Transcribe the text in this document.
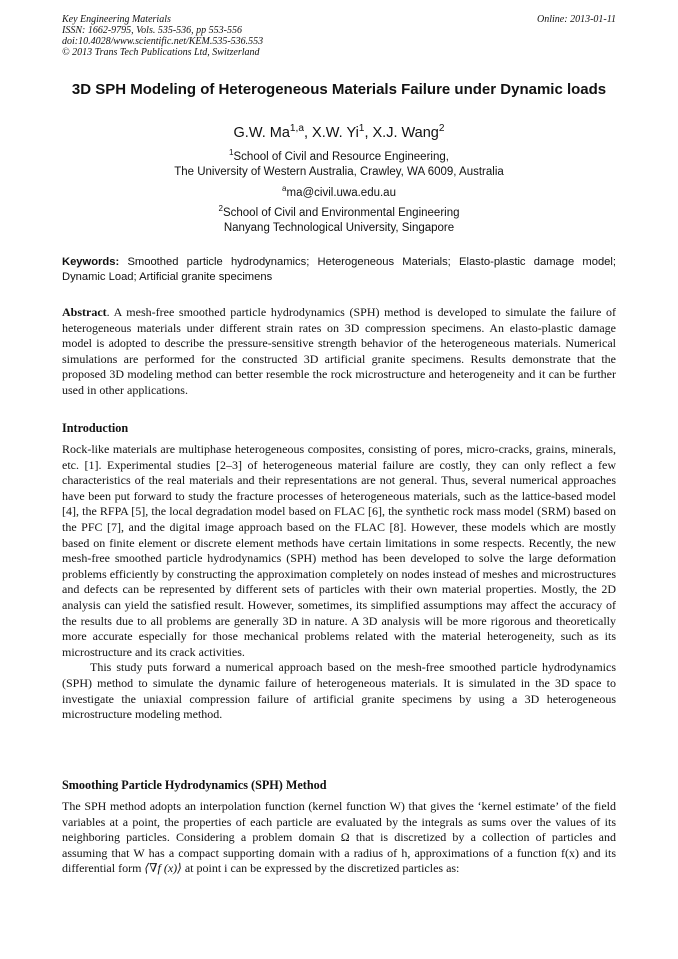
Key Engineering Materials
ISSN: 1662-9795, Vols. 535-536, pp 553-556
doi:10.4028/www.scientific.net/KEM.535-536.553
© 2013 Trans Tech Publications Ltd, Switzerland
Online: 2013-01-11
3D SPH Modeling of Heterogeneous Materials Failure under Dynamic loads
G.W. Ma$^{1,a}$, X.W. Yi$^1$, X.J. Wang$^2$
$^1$School of Civil and Resource Engineering,
The University of Western Australia, Crawley, WA 6009, Australia
$^a$ma@civil.uwa.edu.au
$^2$School of Civil and Environmental Engineering
Nanyang Technological University, Singapore
Keywords: Smoothed particle hydrodynamics; Heterogeneous Materials; Elasto-plastic damage model; Dynamic Load; Artificial granite specimens

Abstract. A mesh-free smoothed particle hydrodynamics (SPH) method is developed to simulate the failure of heterogeneous materials under different strain rates on 3D compression specimens. An elasto-plastic damage model is adopted to describe the pressure-sensitive strength behavior of the heterogeneous materials. Numerical simulations are performed for the constructed 3D artificial granite specimens. Results demonstrate that the proposed 3D modeling method can better resemble the rock microstructure and heterogeneity and it can be further used in other applications.

Introduction

Rock-like materials are multiphase heterogeneous composites, consisting of pores, micro-cracks, grains, minerals, etc. [1]. Experimental studies [2–3] of heterogeneous material failure are costly, they can only reflect a few characteristics of the real materials and their representations are not general. Thus, several numerical approaches have been put forward to study the fracture processes of heterogeneous materials, such as the lattice-based model [4], the RFPA [5], the local degradation model based on FLAC [6], the synthetic rock mass model (SRM) based on the PFC [7], and the digital image approach based on the FLAC [8]. However, these models which are mostly based on finite element or discrete element methods have certain limitations in some respects. Recently, the new mesh-free smoothed particle hydrodynamics (SPH) method has been developed to solve the large deformation problems efficiently by constructing the approximation completely on nodes instead of meshes and microstructures and defects can be represented by different sets of particles with their own material properties. Mostly, the 2D analysis can yield the satisfied result. However, sometimes, its simplified assumptions may affect the accuracy of the results due to all problems are generally 3D in nature. A 3D analysis will be more rigorous and theoretically more accurate especially for those mechanical problems related with the material heterogeneity, such as its microstructure and its crack activities.

This study puts forward a numerical approach based on the mesh-free smoothed particle hydrodynamics (SPH) method to simulate the dynamic failure of heterogeneous materials. It is simulated in the 3D space to investigate the uniaxial compression failure of artificial granite specimens by using a 3D heterogeneous microstructure modeling method.

Smoothing Particle Hydrodynamics (SPH) Method

The SPH method adopts an interpolation function (kernel function W) that gives the ‘kernel estimate’ of the field variables at a point, the properties of each particle are evaluated by the integrals as sums over the values of its neighboring particles. Considering a problem domain Ω that is discretized by a collection of particles and assuming that W has a compact supporting domain with a radius of h, approximations of a function f(x) and its differential form ⟨∇f (x)⟩ at point i can be expressed by the discretized particles as:
